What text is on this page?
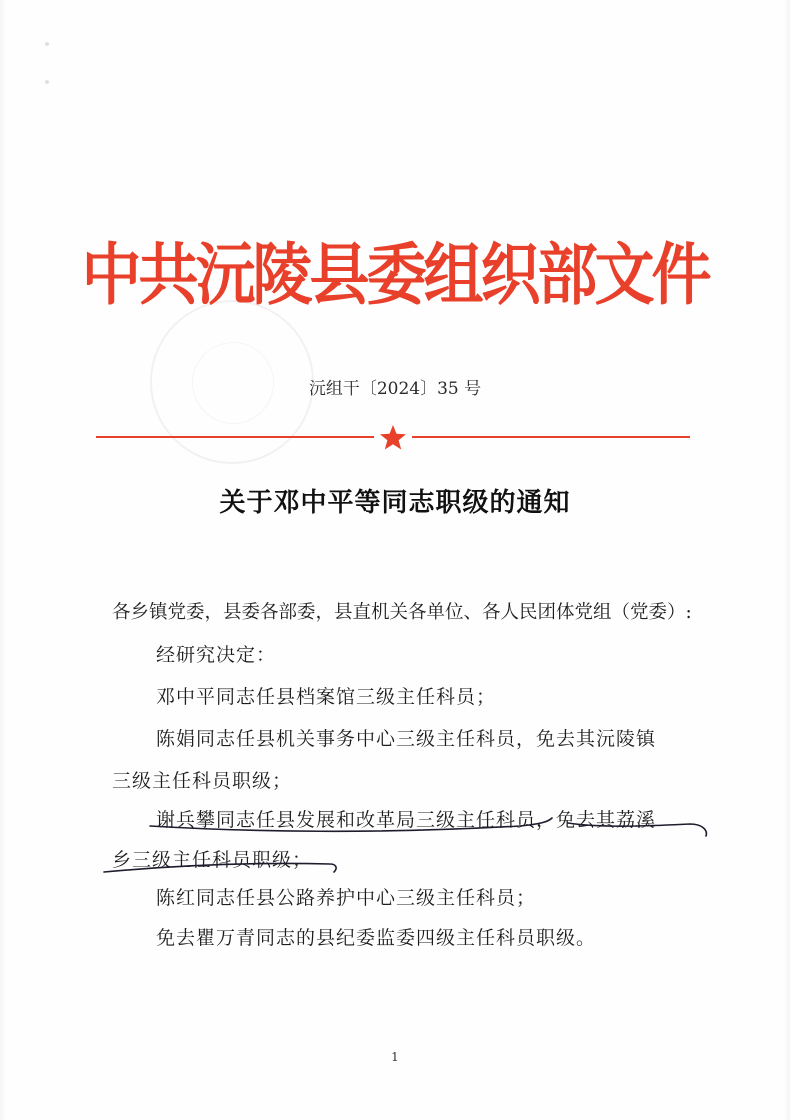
中共沅陵县委组织部文件
沅组干〔2024〕35 号
关于邓中平等同志职级的通知
各乡镇党委，县委各部委，县直机关各单位、各人民团体党组（党委）:
经研究决定：
邓中平同志任县档案馆三级主任科员；
陈娟同志任县机关事务中心三级主任科员，免去其沅陵镇
三级主任科员职级；
谢兵攀同志任县发展和改革局三级主任科员，免去其荔溪
乡三级主任科员职级；
陈红同志任县公路养护中心三级主任科员；
免去瞿万青同志的县纪委监委四级主任科员职级。
1
